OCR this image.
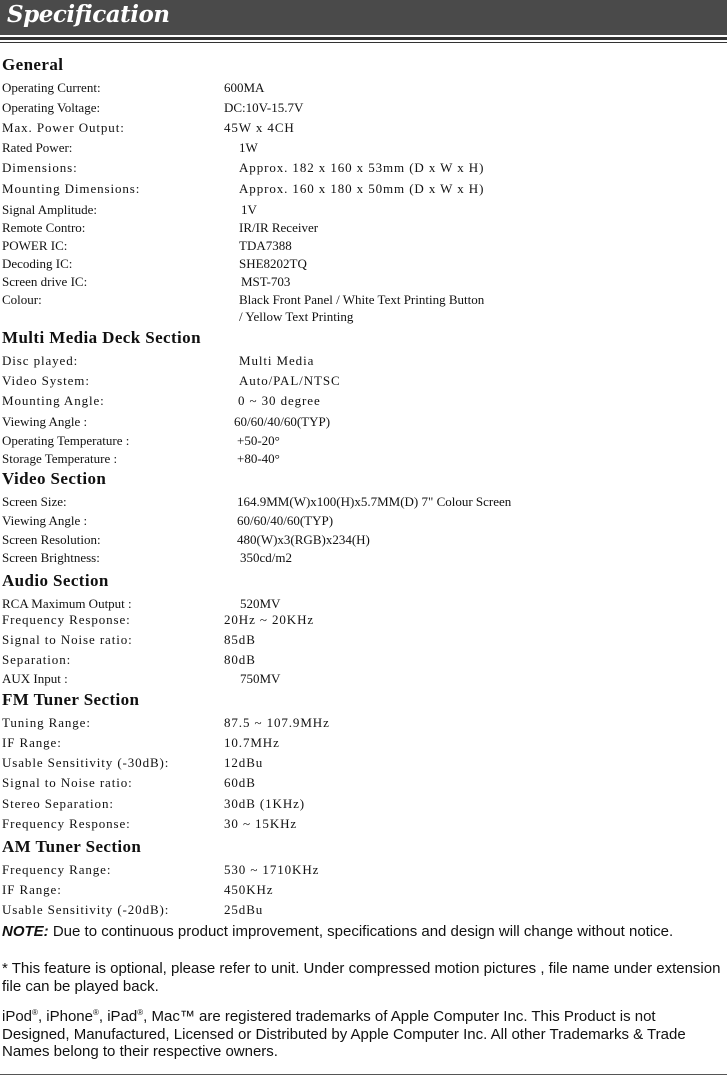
Specification
General
Operating Current:	600MA
Operating Voltage:	DC:10V-15.7V
Max. Power Output:	45W x 4CH
Rated Power:	1W
Dimensions:	Approx. 182 x 160 x 53mm (D x W x H)
Mounting Dimensions:	Approx. 160 x 180 x 50mm (D x W x H)
Signal Amplitude:	1V
Remote Contro:	IR/IR Receiver
POWER IC:	TDA7388
Decoding IC:	SHE8202TQ
Screen drive IC:	MST-703
Colour:	Black Front Panel / White Text Printing Button
/ Yellow Text Printing
Multi Media Deck Section
Disc played:	Multi Media
Video System:	Auto/PAL/NTSC
Mounting Angle:	0 ~ 30 degree
Viewing Angle :	60/60/40/60(TYP)
Operating Temperature :	+50-20°
Storage Temperature :	+80-40°
Video Section
Screen Size:	164.9MM(W)x100(H)x5.7MM(D) 7" Colour Screen
Viewing Angle :	60/60/40/60(TYP)
Screen Resolution:	480(W)x3(RGB)x234(H)
Screen Brightness:	350cd/m2
Audio Section
RCA Maximum Output :	520MV
Frequency Response:	20Hz ~ 20KHz
Signal to Noise ratio:	85dB
Separation:	80dB
AUX Input :	750MV
FM Tuner Section
Tuning Range:	87.5 ~ 107.9MHz
IF Range:	10.7MHz
Usable Sensitivity (-30dB):	12dBu
Signal to Noise ratio:	60dB
Stereo Separation:	30dB (1KHz)
Frequency Response:	30 ~ 15KHz
AM Tuner Section
Frequency Range:	530 ~ 1710KHz
IF Range:	450KHz
Usable Sensitivity (-20dB):	25dBu
NOTE: Due to continuous product improvement, specifications and design will change without notice.
* This feature is optional, please refer to unit. Under compressed motion pictures , file name under extension file can be played back.
iPod®, iPhone®, iPad®, Mac™ are registered trademarks of Apple Computer Inc. This Product is not Designed, Manufactured, Licensed or Distributed by Apple Computer Inc. All other Trademarks & Trade Names belong to their respective owners.
